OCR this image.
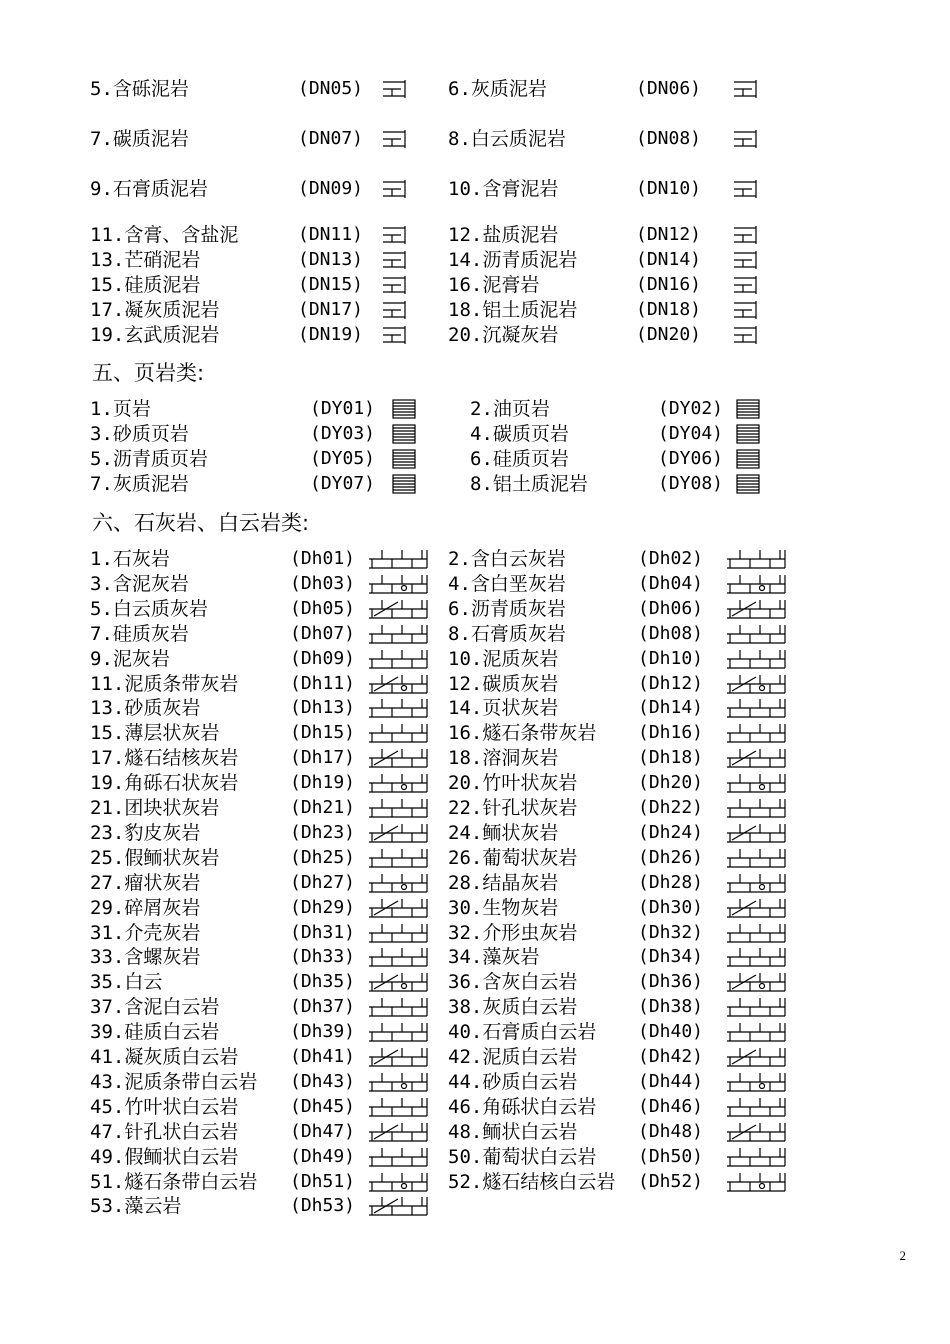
五、页岩类:
六、石灰岩、白云岩类:
5.含砾泥岩	(DN05)	6.灰质泥岩	(DN06)
7.碳质泥岩	(DN07)	8.白云质泥岩	(DN08)
9.石膏质泥岩	(DN09)	10.含膏泥岩	(DN10)
11.含膏、含盐泥	(DN11)	12.盐质泥岩	(DN12)
13.芒硝泥岩	(DN13)	14.沥青质泥岩	(DN14)
15.硅质泥岩	(DN15)	16.泥膏岩	(DN16)
17.凝灰质泥岩	(DN17)	18.铝土质泥岩	(DN18)
19.玄武质泥岩	(DN19)	20.沉凝灰岩	(DN20)
1.页岩	(DY01)	2.油页岩	(DY02)
3.砂质页岩	(DY03)	4.碳质页岩	(DY04)
5.沥青质页岩	(DY05)	6.硅质页岩	(DY06)
7.灰质泥岩	(DY07)	8.铝土质泥岩	(DY08)
1.石灰岩	(Dh01)	2.含白云灰岩	(Dh02)
3.含泥灰岩	(Dh03)	4.含白垩灰岩	(Dh04)
5.白云质灰岩	(Dh05)	6.沥青质灰岩	(Dh06)
7.硅质灰岩	(Dh07)	8.石膏质灰岩	(Dh08)
9.泥灰岩	(Dh09)	10.泥质灰岩	(Dh10)
11.泥质条带灰岩	(Dh11)	12.碳质灰岩	(Dh12)
13.砂质灰岩	(Dh13)	14.页状灰岩	(Dh14)
15.薄层状灰岩	(Dh15)	16.燧石条带灰岩 (Dh16)
17.燧石结核灰岩	(Dh17)	18.溶洞灰岩	(Dh18)
19.角砾石状灰岩	(Dh19)	20.竹叶状灰岩	(Dh20)
21.团块状灰岩	(Dh21)	22.针孔状灰岩	(Dh22)
23.豹皮灰岩	(Dh23)	24.鲕状灰岩	(Dh24)
25.假鲕状灰岩	(Dh25)	26.葡萄状灰岩	(Dh26)
27.瘤状灰岩	(Dh27)	28.结晶灰岩	(Dh28)
29.碎屑灰岩	(Dh29)	30.生物灰岩	(Dh30)
31.介壳灰岩	(Dh31)	32.介形虫灰岩	(Dh32)
33.含螺灰岩	(Dh33)	34.藻灰岩	(Dh34)
35.白云	(Dh35)	36.含灰白云岩	(Dh36)
37.含泥白云岩	(Dh37)	38.灰质白云岩	(Dh38)
39.硅质白云岩	(Dh39)	40.石膏质白云岩 (Dh40)
41.凝灰质白云岩	(Dh41)	42.泥质白云岩	(Dh42)
43.泥质条带白云岩 (Dh43)	44.砂质白云岩	(Dh44)
45.竹叶状白云岩	(Dh45)	46.角砾状白云岩 (Dh46)
47.针孔状白云岩	(Dh47)	48.鲕状白云岩	(Dh48)
49.假鲕状白云岩	(Dh49)	50.葡萄状白云岩 (Dh50)
51.燧石条带白云岩 (Dh51)	52.燧石结核白云岩 (Dh52)
53.藻云岩	(Dh53)
2
